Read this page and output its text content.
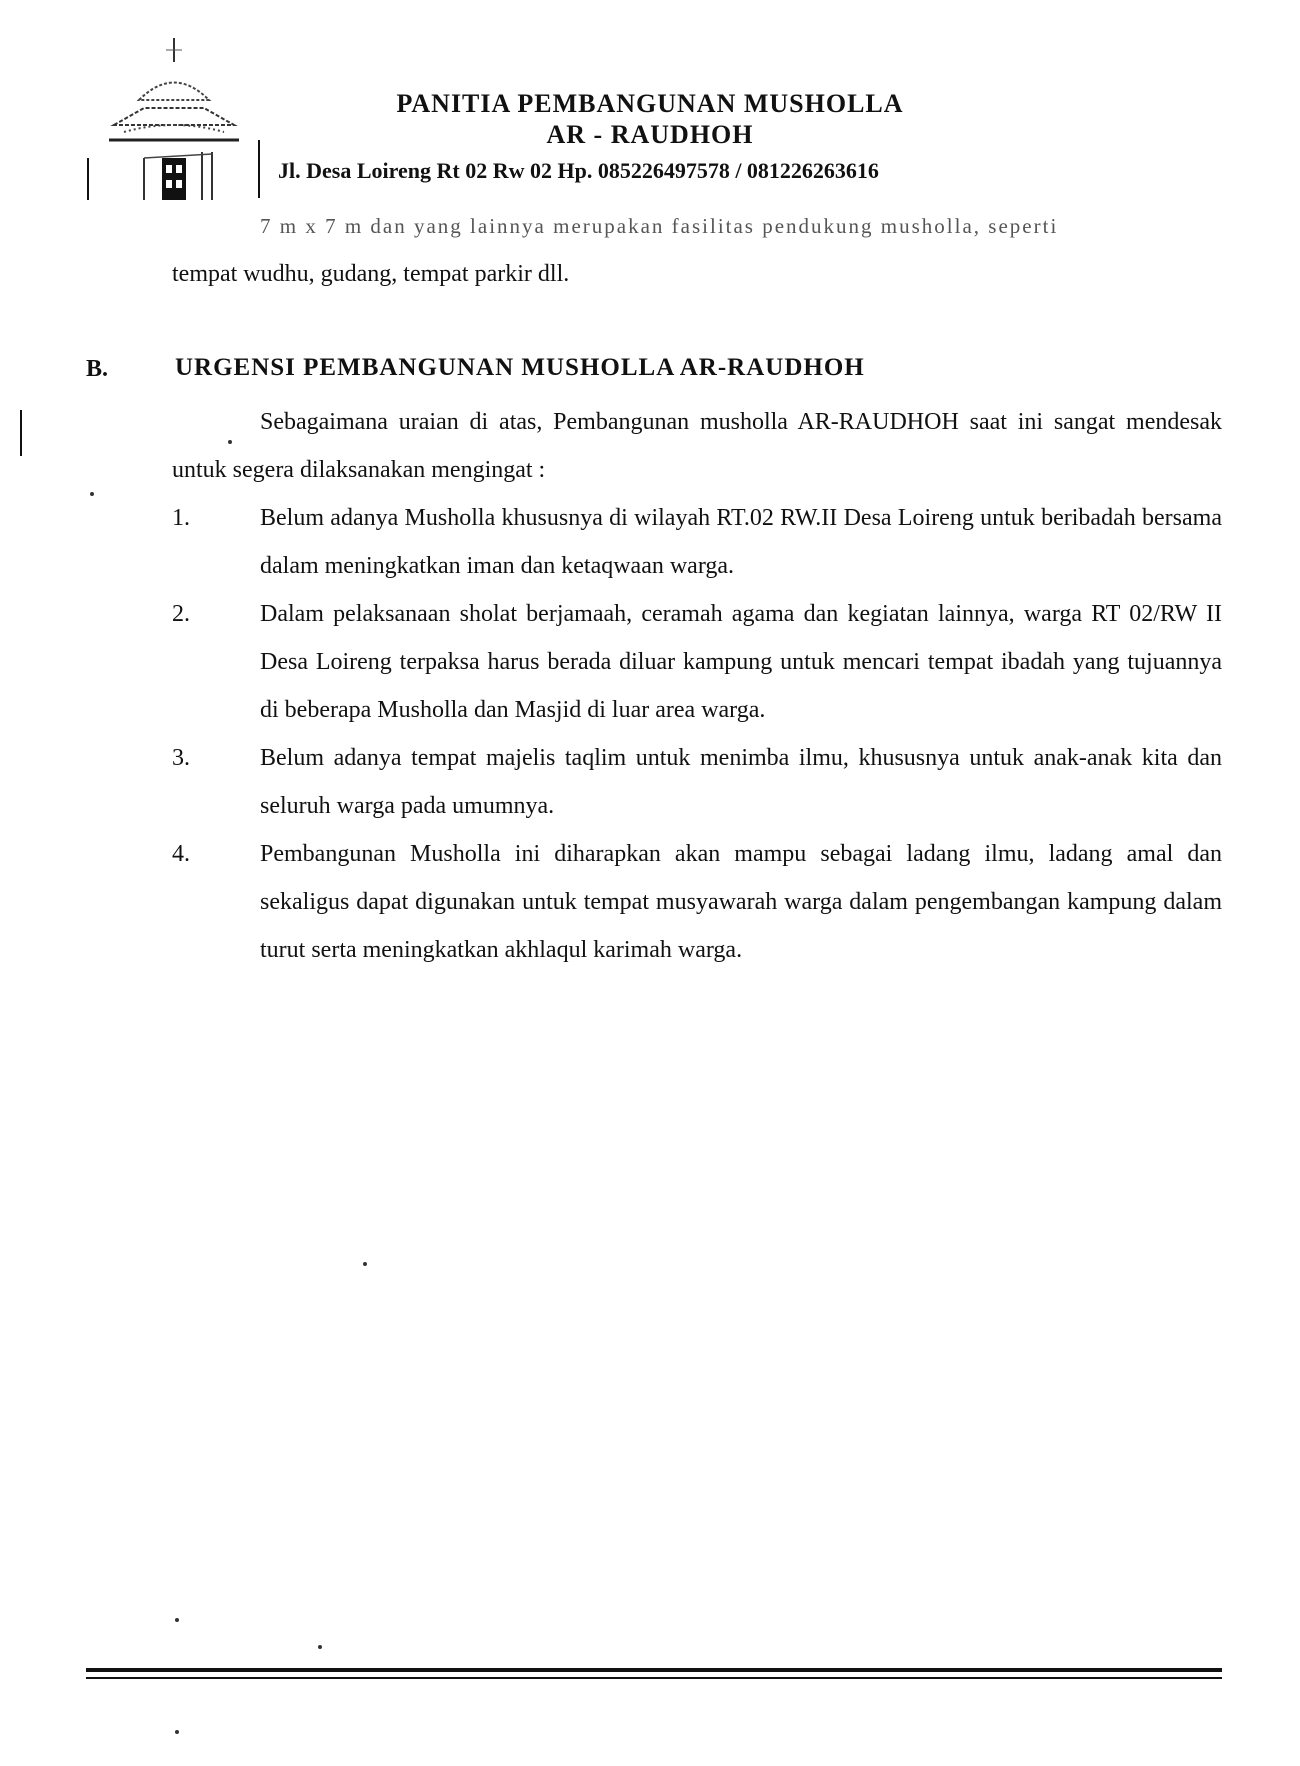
PANITIA PEMBANGUNAN MUSHOLLA
AR - RAUDHOH
Jl. Desa Loireng Rt 02 Rw 02 Hp. 085226497578 / 081226263616
7 m x 7 m dan yang lainnya merupakan fasilitas pendukung musholla, seperti
tempat wudhu, gudang, tempat parkir dll.
B.	URGENSI PEMBANGUNAN MUSHOLLA AR-RAUDHOH
Sebagaimana uraian di atas, Pembangunan musholla AR-RAUDHOH saat ini sangat mendesak untuk segera dilaksanakan mengingat :
1.	Belum adanya Musholla khususnya di wilayah RT.02 RW.II Desa Loireng untuk beribadah bersama dalam meningkatkan iman dan ketaqwaan warga.
2.	Dalam pelaksanaan sholat berjamaah, ceramah agama dan kegiatan lainnya, warga RT 02/RW II Desa Loireng terpaksa harus berada diluar kampung untuk mencari tempat ibadah yang tujuannya di beberapa Musholla dan Masjid di luar area warga.
3.	Belum adanya tempat majelis taqlim untuk menimba ilmu, khususnya untuk anak-anak kita dan seluruh warga pada umumnya.
4.	Pembangunan Musholla ini diharapkan akan mampu sebagai ladang ilmu, ladang amal dan sekaligus dapat digunakan untuk tempat musyawarah warga dalam pengembangan kampung dalam turut serta meningkatkan akhlaqul karimah warga.
